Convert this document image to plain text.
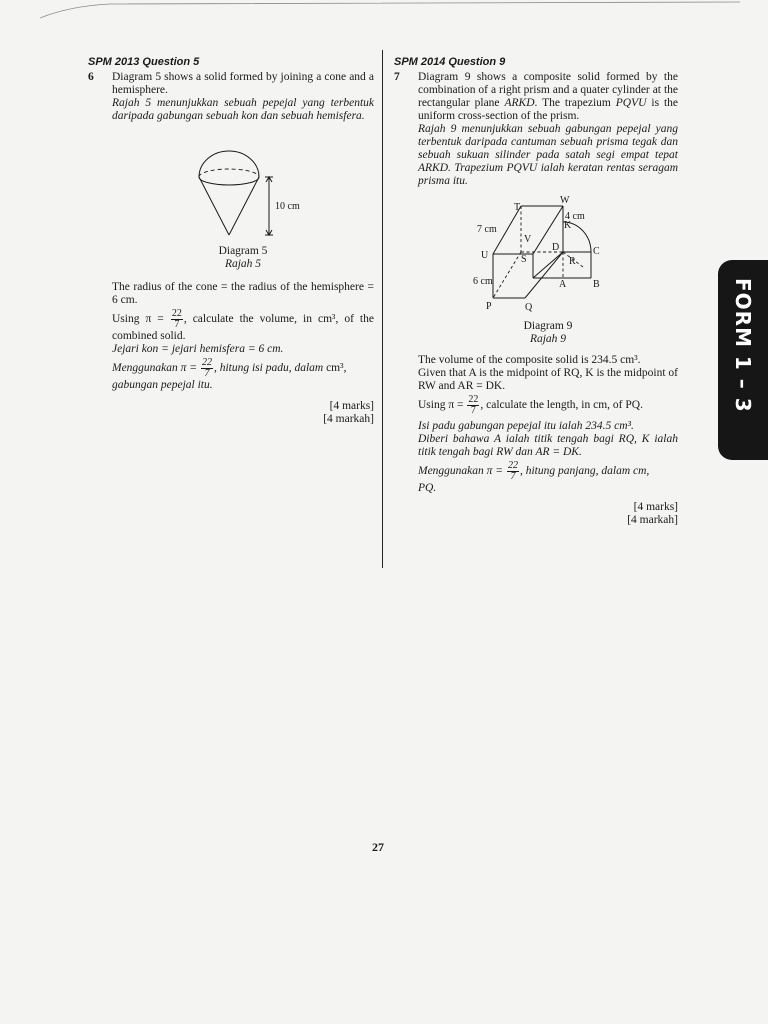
SPM 2013 Question 5
6	Diagram 5 shows a solid formed by joining a cone and a hemisphere.

Rajah 5 menunjukkan sebuah pepejal yang terbentuk daripada gabungan sebuah kon dan sebuah hemisfera.

10 cm
Diagram 5
Rajah 5

The radius of the cone = the radius of the hemisphere = 6 cm.

Using $\pi = \frac{22}{7}$ , calculate the volume, in cm³, of the combined solid.

Jejari kon = jejari hemisfera = 6 cm.

Menggunakan $\pi = \frac{22}{7}$ , hitung isi padu, dalam cm³,
gabungan pepejal itu.

[4 marks]
[4 markah]
SPM 2014 Question 9
7	Diagram 9 shows a composite solid formed by the combination of a right prism and a quater cylinder at the rectangular plane ARKD. The trapezium PQVU is the uniform cross-section of the prism.

Rajah 9 menunjukkan sebuah gabungan pepejal yang terbentuk daripada cantuman sebuah prisma tegak dan sebuah sukuan silinder pada satah segi empat tepat ARKD. Trapezium PQVU ialah keratan rentas seragam prisma itu.

W
T
4 cm
K
7 cm
V
D	C
U	S	R
6 cm	A	B
P	Q
Diagram 9
Rajah 9

The volume of the composite solid is 234.5 cm³.

Given that A is the midpoint of RQ, K is the midpoint of RW and AR = DK.

Using $\pi = \frac{22}{7}$ , calculate the length, in cm, of PQ.

Isi padu gabungan pepejal itu ialah 234.5 cm³.

Diberi bahawa A ialah titik tengah bagi RQ, K ialah titik tengah bagi RW dan AR = DK.

Menggunakan $\pi = \frac{22}{7}$ , hitung panjang, dalam cm,
PQ.

[4 marks]
[4 markah]
FORM 1 – 3
27
